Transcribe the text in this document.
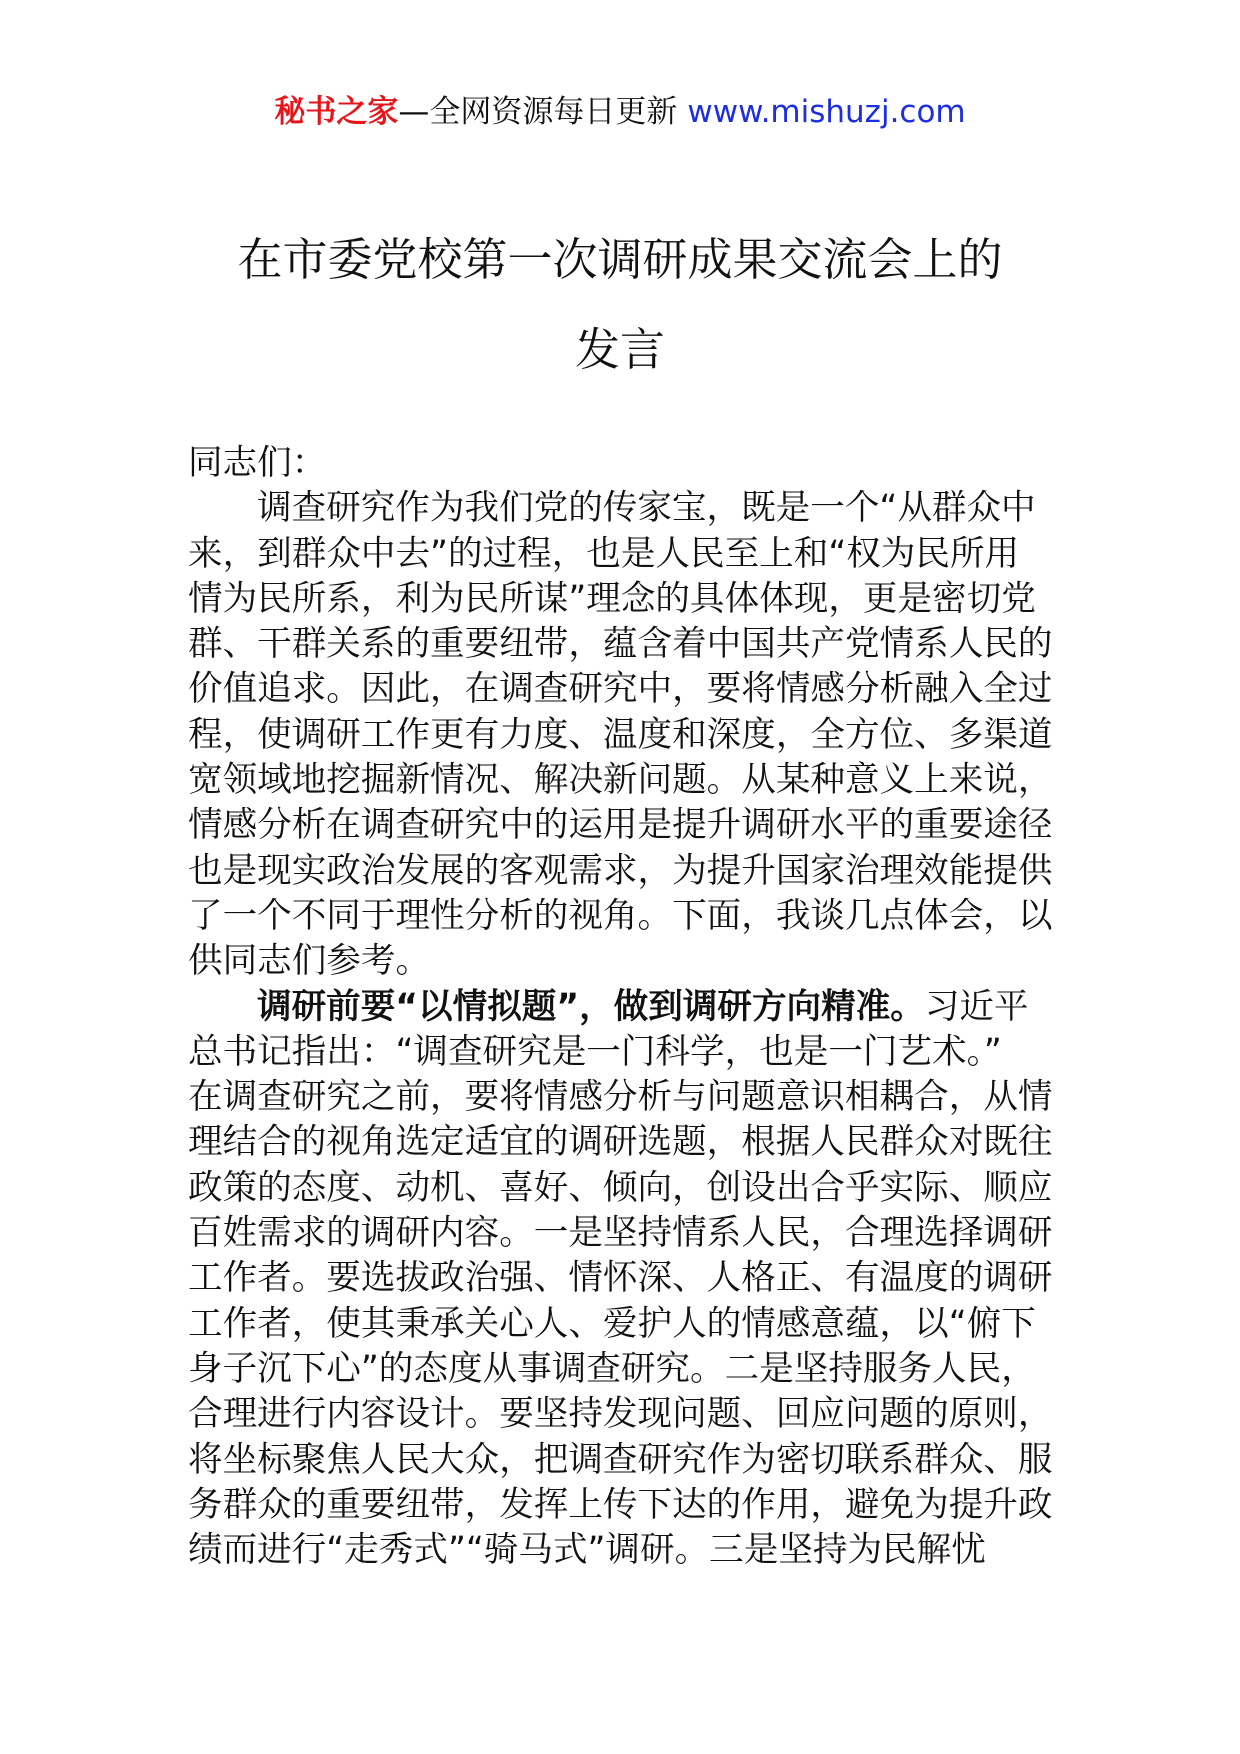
秘书之家—全网资源每日更新 www.mishuzj.com
在市委党校第一次调研成果交流会上的
发言
同志们：
调查研究作为我们党的传家宝，既是一个“从群众中
来，到群众中去”的过程，也是人民至上和“权为民所用
情为民所系，利为民所谋”理念的具体体现，更是密切党
群、干群关系的重要纽带，蕴含着中国共产党情系人民的
价值追求。因此，在调查研究中，要将情感分析融入全过
程，使调研工作更有力度、温度和深度，全方位、多渠道
宽领域地挖掘新情况、解决新问题。从某种意义上来说，
情感分析在调查研究中的运用是提升调研水平的重要途径
也是现实政治发展的客观需求，为提升国家治理效能提供
了一个不同于理性分析的视角。下面，我谈几点体会，以
供同志们参考。
调研前要“以情拟题”，做到调研方向精准。习近平
总书记指出：“调查研究是一门科学，也是一门艺术。”
在调查研究之前，要将情感分析与问题意识相耦合，从情
理结合的视角选定适宜的调研选题，根据人民群众对既往
政策的态度、动机、喜好、倾向，创设出合乎实际、顺应
百姓需求的调研内容。一是坚持情系人民，合理选择调研
工作者。要选拔政治强、情怀深、人格正、有温度的调研
工作者，使其秉承关心人、爱护人的情感意蕴，以“俯下
身子沉下心”的态度从事调查研究。二是坚持服务人民，
合理进行内容设计。要坚持发现问题、回应问题的原则，
将坐标聚焦人民大众，把调查研究作为密切联系群众、服
务群众的重要纽带，发挥上传下达的作用，避免为提升政
绩而进行“走秀式”“骑马式”调研。三是坚持为民解忧
